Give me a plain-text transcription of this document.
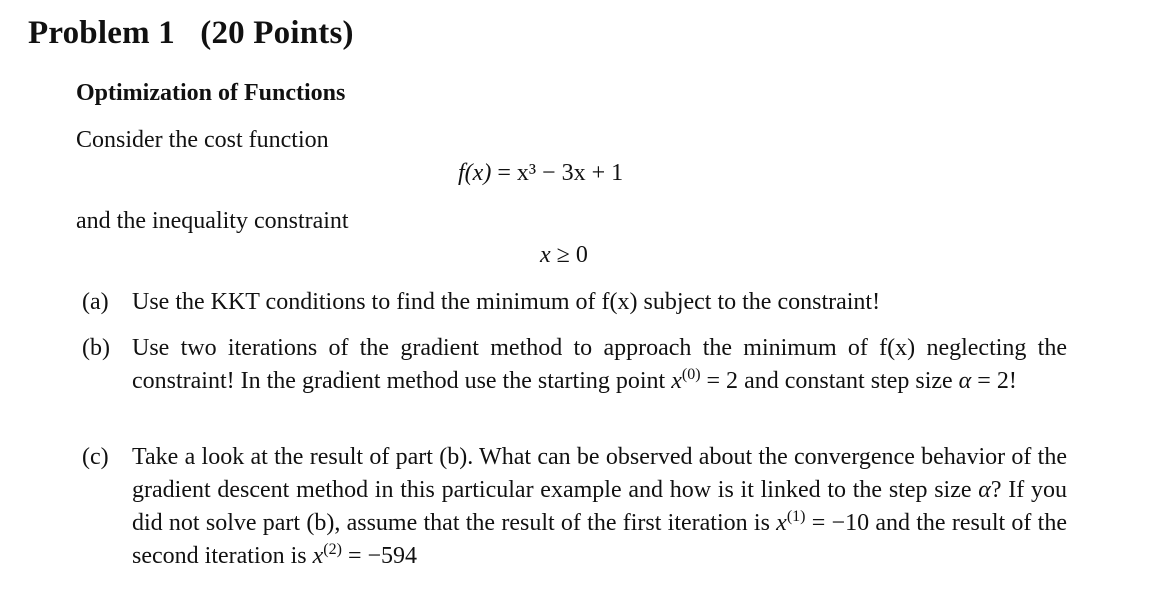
Problem 1   (20 Points)
Optimization of Functions
Consider the cost function
f(x) = x³ − 3x + 1
and the inequality constraint
x ≥ 0
(a) Use the KKT conditions to find the minimum of f(x) subject to the constraint!
(b) Use two iterations of the gradient method to approach the minimum of f(x) neglecting the constraint! In the gradient method use the starting point $x^{(0)} = 2$ and constant step size α = 2!
(c) Take a look at the result of part (b). What can be observed about the convergence behavior of the gradient descent method in this particular example and how is it linked to the step size α? If you did not solve part (b), assume that the result of the first iteration is $x^{(1)} = -10$ and the result of the second iteration is $x^{(2)} = -594$
